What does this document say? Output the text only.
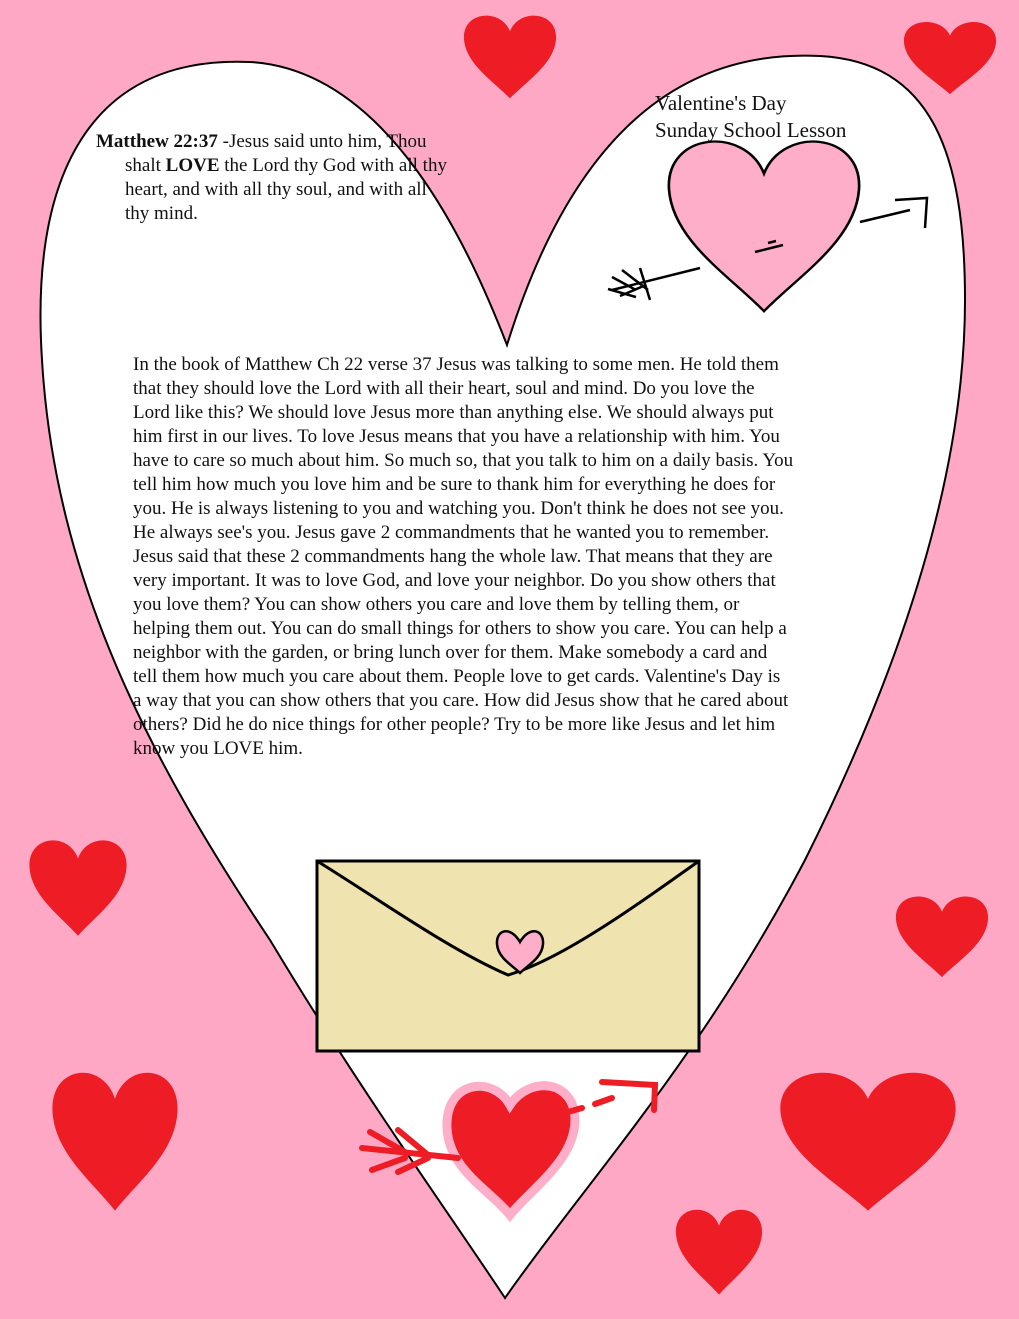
Matthew 22:37 -Jesus said unto him, Thou shalt LOVE the Lord thy God with all thy heart, and with all thy soul, and with all thy mind.
Valentine's Day
Sunday School Lesson
In the book of Matthew Ch 22 verse 37 Jesus was talking to some men. He told them
that they should love the Lord with all their heart, soul and mind. Do you love the
Lord like this? We should love Jesus more than anything else. We should always put
him first in our lives. To love Jesus means that you have a relationship with him. You
have to care so much about him. So much so, that you talk to him on a daily basis. You
tell him how much you love him and be sure to thank him for everything he does for
you. He is always listening to you and watching you. Don't think he does not see you.
He always see's you. Jesus gave 2 commandments that he wanted you to remember.
Jesus said that these 2 commandments hang the whole law. That means that they are
very important. It was to love God, and love your neighbor. Do you show others that
you love them? You can show others you care and love them by telling them, or
helping them out. You can do small things for others to show you care. You can help a
neighbor with the garden, or bring lunch over for them. Make somebody a card and
tell them how much you care about them. People love to get cards. Valentine's Day is
a way that you can show others that you care. How did Jesus show that he cared about
others? Did he do nice things for other people? Try to be more like Jesus and let him
know you LOVE him.
